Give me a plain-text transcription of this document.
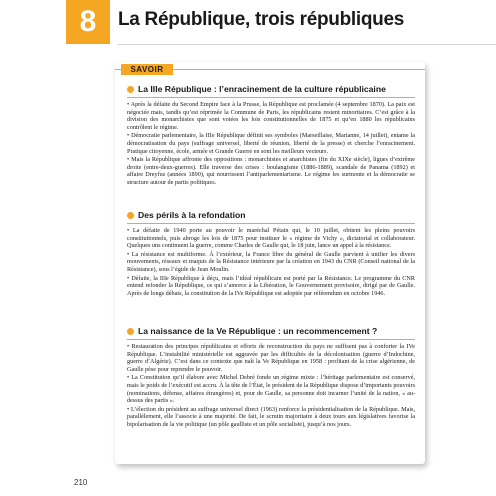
8	La République, trois républiques
SAVOIR
La IIIe République : l’enracinement de la culture républicaine

• Après la défaite du Second Empire face à la Prusse, la République est proclamée (4 septembre 1870). La paix est négociée mais, tandis qu’est réprimée la Commune de Paris, les républicains restent minoritaires. C’est grâce à la division des monarchistes que sont votées les lois constitutionnelles de 1875 et qu’en 1880 les républicains contrôlent le régime.

• Démocratie parlementaire, la IIIe République définit ses symboles (Marseillaise, Marianne, 14 juillet), entame la démocratisation du pays (suffrage universel, liberté de réunion, liberté de la presse) et cherche l’enracinement. Pratique citoyenne, école, armée et Grande Guerre en sont les meilleurs vecteurs.

• Mais la République affronte des oppositions : monarchistes et anarchistes (fin du XIXe siècle), ligues d’extrême droite (entre-deux-guerres). Elle traverse des crises : boulangisme (1886-1889), scandale de Panama (1892) et affaire Dreyfus (années 1890), qui nourrissent l’antiparlementarisme. Le régime les surmonte et la démocratie se structure autour de partis politiques.

Des périls à la refondation

• La défaite de 1940 porte au pouvoir le maréchal Pétain qui, le 10 juillet, obtient les pleins pouvoirs constitutionnels, puis abroge les lois de 1875 pour instituer le « régime de Vichy », dictatorial et collaborateur. Quelques uns continuent la guerre, comme Charles de Gaulle qui, le 18 juin, lance un appel à la résistance.

• La résistance est multiforme. À l’extérieur, la France libre du général de Gaulle parvient à unifier les divers mouvements, réseaux et maquis de la Résistance intérieure par la création en 1943 du CNR (Conseil national de la Résistance), sous l’égide de Jean Moulin.

• Défaite, la IIIe République à déçu, mais l’idéal républicain est porté par la Résistance. Le programme du CNR entend refonder la République, ce qui s’amorce à la Libération, le Gouvernement provisoire, dirigé par de Gaulle. Après de longs débats, la constitution de la IVe République est adoptée par référendum en octobre 1946.

La naissance de la Ve République : un recommencement ?

• Restauration des principes républicains et efforts de reconstruction du pays ne suffisent pas à conforter la IVe République. L’instabilité ministérielle est aggravée par les difficultés de la décolonisation (guerre d’Indochine, guerre d’Algérie). C’est dans ce contexte que naît la Ve République en 1958 : profitant de la crise algérienne, de Gaulle pèse pour reprendre le pouvoir.

• La Constitution qu’il élabore avec Michel Debré fonde un régime mixte : l’héritage parlementaire est conservé, mais le poids de l’exécutif est accru. À la tête de l’État, le président de la République dispose d’importants pouvoirs (nominations, défense, affaires étrangères) et, pour de Gaulle, sa personne doit incarner l’unité de la nation, « au-dessus des partis ».

• L’élection du président au suffrage universel direct (1963) renforce la présidentialisation de la République. Mais, parallèlement, elle l’associe à une majorité. De fait, le scrutin majoritaire à deux tours aux législatives favorise la bipolarisation de la vie politique (un pôle gaulliste et un pôle socialiste), jusqu’à nos jours.

210
